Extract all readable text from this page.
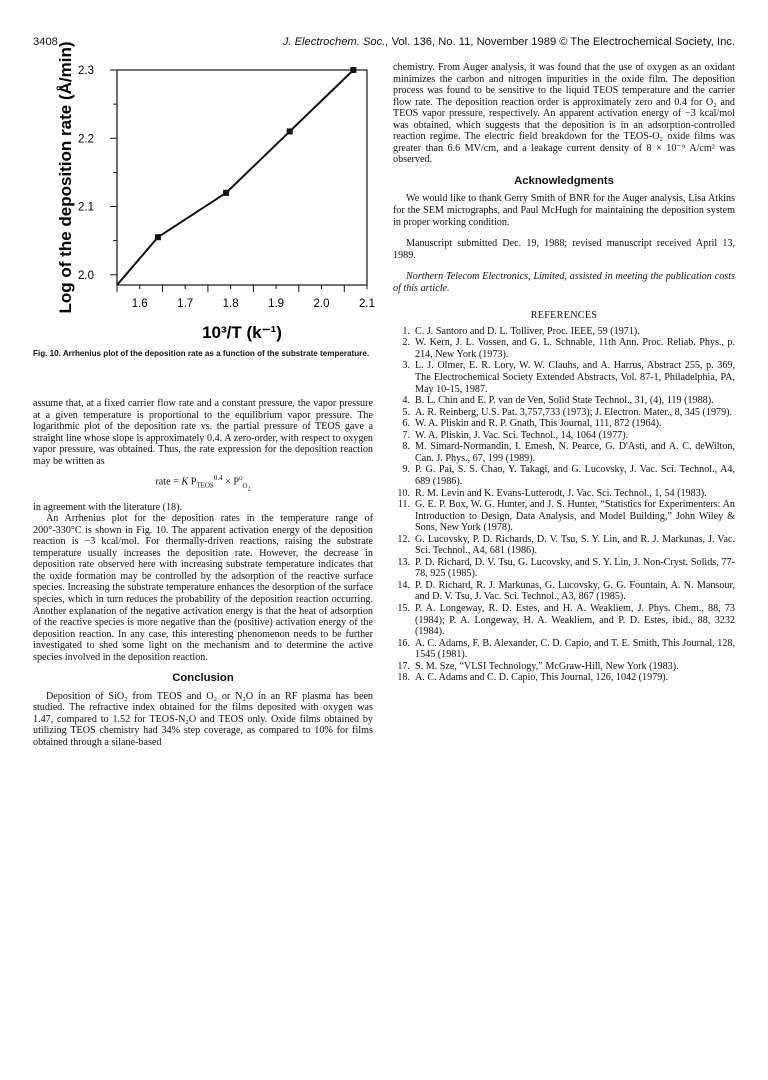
3408	J. Electrochem. Soc., Vol. 136, No. 11, November 1989 © The Electrochemical Society, Inc.
1.6	1.7	1.8	1.9	2.0	2.1
2.0
2.1
2.2
2.3
10³/T (k⁻¹)
Log of the deposition rate (Å/min)
Fig. 10. Arrhenius plot of the deposition rate as a function of the substrate temperature.

assume that, at a fixed carrier flow rate and a constant pressure, the vapor pressure at a given temperature is proportional to the equilibrium vapor pressure. The logarithmic plot of the deposition rate vs. the partial pressure of TEOS gave a straight line whose slope is approximately 0.4. A zero-order, with respect to oxygen vapor pressure, was obtained. Thus, the rate expression for the deposition reaction may be written as

rate = K $P_{TEOS}^{0.4} \times P^o_{O_2}$

in agreement with the literature (18).

An Arrhenius plot for the deposition rates in the temperature range of 200°-330°C is shown in Fig. 10. The apparent activation energy of the deposition reaction is −3 kcal/mol. For thermally-driven reactions, raising the substrate temperature usually increases the deposition rate. However, the decrease in deposition rate observed here with increasing substrate temperature indicates that the oxide formation may be controlled by the adsorption of the reactive surface species. Increasing the substrate temperature enhances the desorption of the surface species, which in turn reduces the probability of the deposition reaction occurring. Another explanation of the negative activation energy is that the heat of adsorption of the reactive species is more negative than the (positive) activation energy of the deposition reaction. In any case, this interesting phenomenon needs to be further investigated to shed some light on the mechanism and to determine the active species involved in the deposition reaction.

Conclusion

Deposition of SiO₂ from TEOS and O₂ or N₂O in an RF plasma has been studied. The refractive index obtained for the films deposited with oxygen was 1.47, compared to 1.52 for TEOS-N₂O and TEOS only. Oxide films obtained by utilizing TEOS chemistry had 34% step coverage, as compared to 10% for films obtained through a silane-based

chemistry. From Auger analysis, it was found that the use of oxygen as an oxidant minimizes the carbon and nitrogen impurities in the oxide film. The deposition process was found to be sensitive to the liquid TEOS temperature and the carrier flow rate. The deposition reaction order is approximately zero and 0.4 for O₂ and TEOS vapor pressure, respectively. An apparent activation energy of −3 kcal/mol was obtained, which suggests that the deposition is in an adsorption-controlled reaction regime. The electric field breakdown for the TEOS-O₂ oxide films was greater than 6.6 MV/cm, and a leakage current density of 8 × 10⁻⁹ A/cm² was observed.

Acknowledgments

We would like to thank Gerry Smith of BNR for the Auger analysis, Lisa Atkins for the SEM micrographs, and Paul McHugh for maintaining the deposition system in proper working condition.

Manuscript submitted Dec. 19, 1988; revised manuscript received April 13, 1989.

Northern Telecom Electronics, Limited, assisted in meeting the publication costs of this article.

REFERENCES
1. C. J. Santoro and D. L. Tolliver, Proc. IEEE, 59 (1971).
2. W. Kern, J. L. Vossen, and G. L. Schnable, 11th Ann. Proc. Reliab. Phys., p. 214, New York (1973).
3. L. J. Olmer, E. R. Lory, W. W. Clauhs, and A. Harrus, Abstract 255, p. 369, The Electrochemical Society Extended Abstracts, Vol. 87-1, Philadelphia, PA, May 10-15, 1987.
4. B. L. Chin and E. P. van de Ven, Solid State Technol., 31, (4), 119 (1988).
5. A. R. Reinberg, U.S. Pat. 3,757,733 (1973); J. Electron. Mater., 8, 345 (1979).
6. W. A. Pliskin and R. P. Gnath, This Journal, 111, 872 (1964).
7. W. A. Pliskin, J. Vac. Sci. Technol., 14, 1064 (1977).
8. M. Simard-Normandin, I. Emesh, N. Pearce, G. D'Asti, and A. C. deWilton, Can. J. Phys., 67, 199 (1989).
9. P. G. Pai, S. S. Chao, Y. Takagi, and G. Lucovsky, J. Vac. Sci. Technol., A4, 689 (1986).
10. R. M. Levin and K. Evans-Lutterodt, J. Vac. Sci. Technol., 1, 54 (1983).
11. G. E. P. Box, W. G. Hunter, and J. S. Hunter, “Statistics for Experimenters: An Introduction to Design, Data Analysis, and Model Building,” John Wiley & Sons, New York (1978).
12. G. Lucovsky, P. D. Richards, D. V. Tsu, S. Y. Lin, and R. J. Markunas, J. Vac. Sci. Technol., A4, 681 (1986).
13. P. D. Richard, D. V. Tsu, G. Lucovsky, and S. Y. Lin, J. Non-Cryst. Solids, 77-78, 925 (1985).
14. P. D. Richard, R. J. Markunas, G. Lucovsky, G. G. Fountain, A. N. Mansour, and D. V. Tsu, J. Vac. Sci. Technol., A3, 867 (1985).
15. P. A. Longeway, R. D. Estes, and H. A. Weakliem, J. Phys. Chem., 88, 73 (1984); P. A. Longeway, H. A. Weakliem, and P. D. Estes, ibid., 88, 3232 (1984).
16. A. C. Adams, F. B. Alexander, C. D. Capio, and T. E. Smith, This Journal, 128, 1545 (1981).
17. S. M. Sze, “VLSI Technology,” McGraw-Hill, New York (1983).
18. A. C. Adams and C. D. Capio, This Journal, 126, 1042 (1979).
